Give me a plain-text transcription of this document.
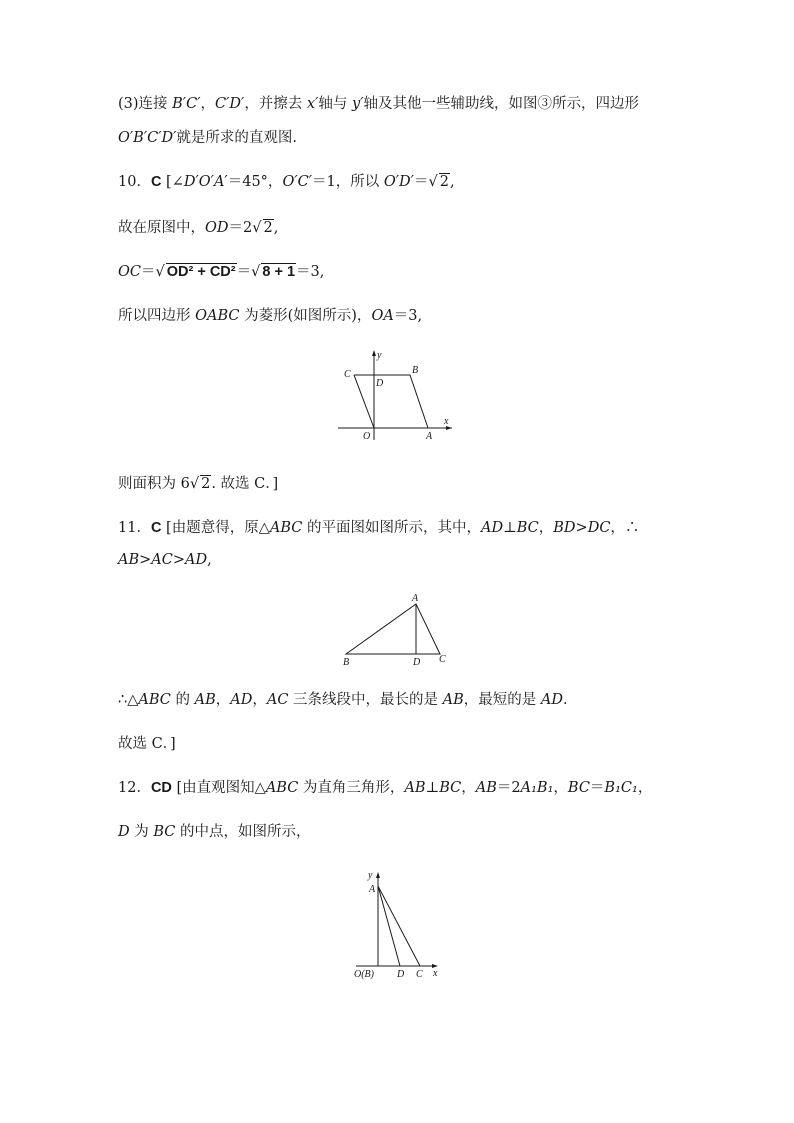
(3)连接 B′C′，C′D′，并擦去 x′轴与 y′轴及其他一些辅助线，如图③所示，四边形
O′B′C′D′就是所求的直观图.
10．C [∠D′O′A′＝45°，O′C′＝1，所以 O′D′＝√ 2,
故在原图中，OD＝2√ 2,
OC＝√ OD² + CD²＝√ 8 + 1＝3,
所以四边形 OABC 为菱形(如图所示)，OA＝3,
y
x
C
D
B
O	A
则面积为 6√ 2. 故选 C．]
11．C [由题意得，原△ABC 的平面图如图所示，其中，AD⊥BC，BD>DC，∴
AB>AC>AD,
A
B	D C
∴△ABC 的 AB，AD，AC 三条线段中，最长的是 AB，最短的是 AD.
故选 C．]
12．CD [由直观图知△ABC 为直角三角形，AB⊥BC，AB＝2A₁B₁，BC＝B₁C₁，
D 为 BC 的中点，如图所示，
y
A
O(B) D C x
